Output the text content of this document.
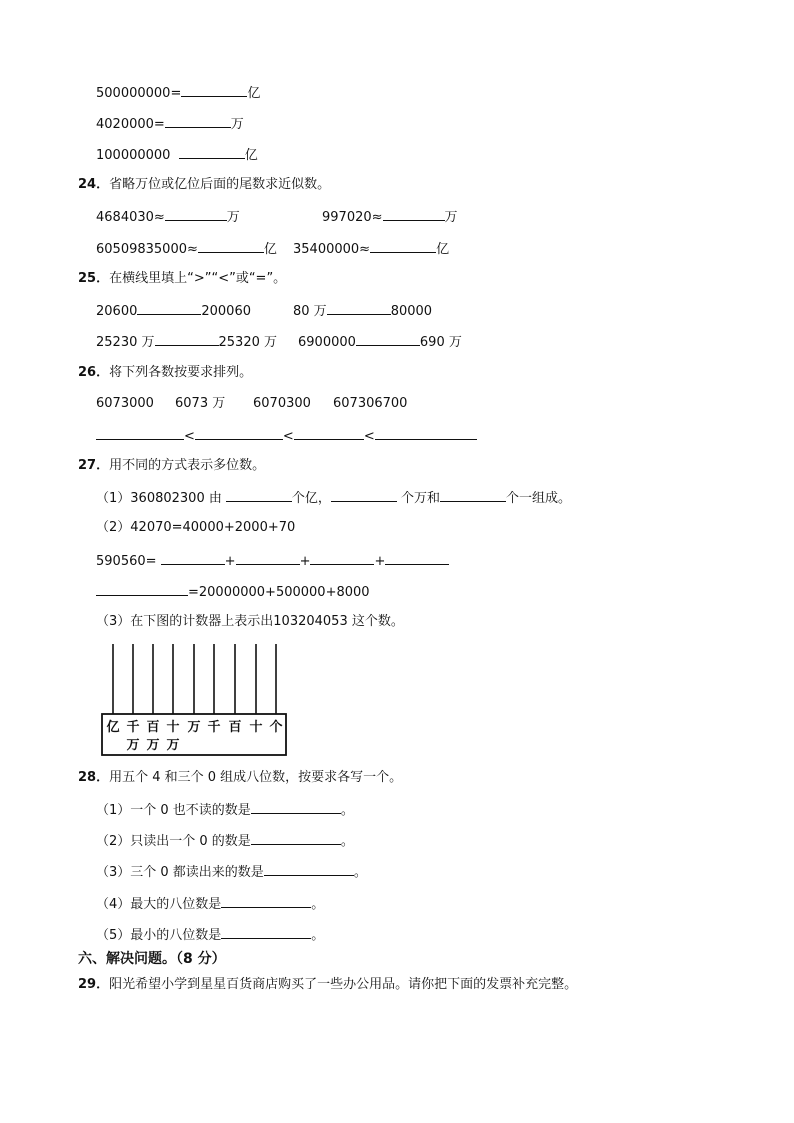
500000000=	亿
4020000=	万
100000000	亿
24．省略万位或亿位后面的尾数求近似数。
4684030≈	万	997020≈	万
60509835000≈	亿 35400000≈	亿
25．在横线里填上“>”“<”或“=”。
20600	200060	80 万	80000
25230 万	25320 万 6900000	690 万
26．将下列各数按要求排列。
6073000 6073 万 6070300 607306700
<	<	<
27．用不同的方式表示多位数。
（1）360802300 由	个亿，	个万和	个一组成。
（2）42070=40000+2000+70
590560=	+	+	+
=20000000+500000+8000
（3）在下图的计数器上表示出103204053 这个数。
亿 千 百 十 万 千 百 十 个
万 万 万
28．用五个 4 和三个 0 组成八位数，按要求各写一个。
（1）一个 0 也不读的数是	。
（2）只读出一个 0 的数是	。
（3）三个 0 都读出来的数是	。
（4）最大的八位数是	。
（5）最小的八位数是	。
六、解决问题。（8 分）
29．阳光希望小学到星星百货商店购买了一些办公用品。请你把下面的发票补充完整。
